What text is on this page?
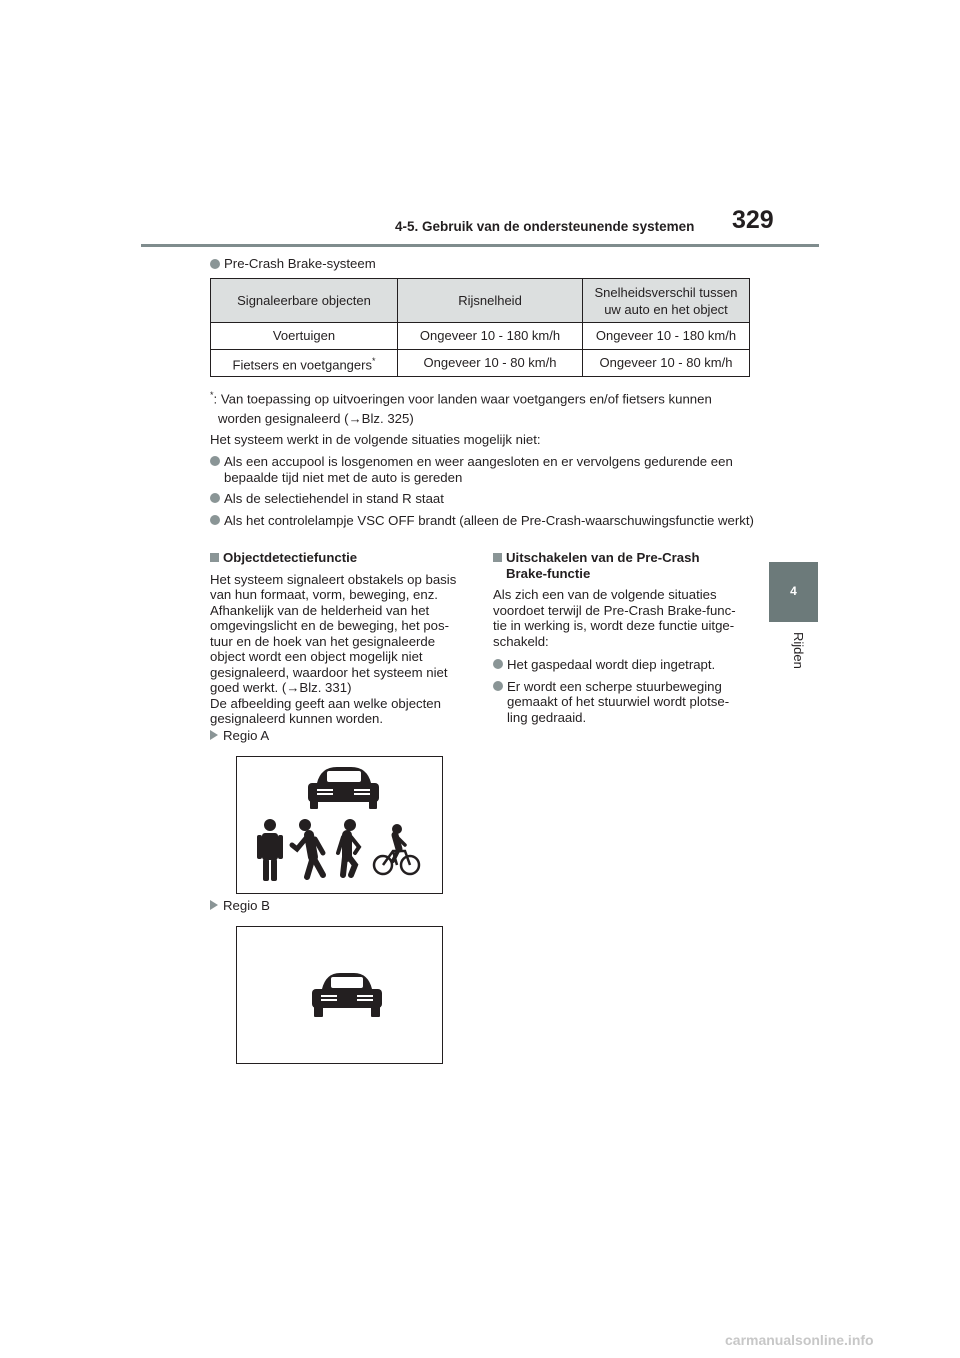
4-5. Gebruik van de ondersteunende systemen 329
4
Rijden
Pre-Crash Brake-systeem
Signaleerbare objecten	Rijsnelheid	Snelheidsverschil tussen uw auto en het object
Voertuigen	Ongeveer 10 - 180 km/h	Ongeveer 10 - 180 km/h
Fietsers en voetgangers*	Ongeveer 10 - 80 km/h	Ongeveer 10 - 80 km/h

*: Van toepassing op uitvoeringen voor landen waar voetgangers en/of fietsers kunnen

worden gesignaleerd (→Blz. 325)

Het systeem werkt in de volgende situaties mogelijk niet:
Als een accupool is losgenomen en weer aangesloten en er vervolgens gedurende een bepaalde tijd niet met de auto is gereden
Als de selectiehendel in stand R staat
Als het controlelampje VSC OFF brandt (alleen de Pre-Crash-waarschuwingsfunctie werkt)

Objectdetectiefunctie

Het systeem signaleert obstakels op basis

van hun formaat, vorm, beweging, enz.

Afhankelijk van de helderheid van het

omgevingslicht en de beweging, het pos-

tuur en de hoek van het gesignaleerde

object wordt een object mogelijk niet

gesignaleerd, waardoor het systeem niet

goed werkt. (→Blz. 331)

De afbeelding geeft aan welke objecten

gesignaleerd kunnen worden.

Regio A
Regio B

Uitschakelen van de Pre-Crash

Brake-functie

Als zich een van de volgende situaties

voordoet terwijl de Pre-Crash Brake-func-

tie in werking is, wordt deze functie uitge-

schakeld:

Het gaspedaal wordt diep ingetrapt.

Er wordt een scherpe stuurbeweging

gemaakt of het stuurwiel wordt plotse-

ling gedraaid.

carmanualsonline.info
